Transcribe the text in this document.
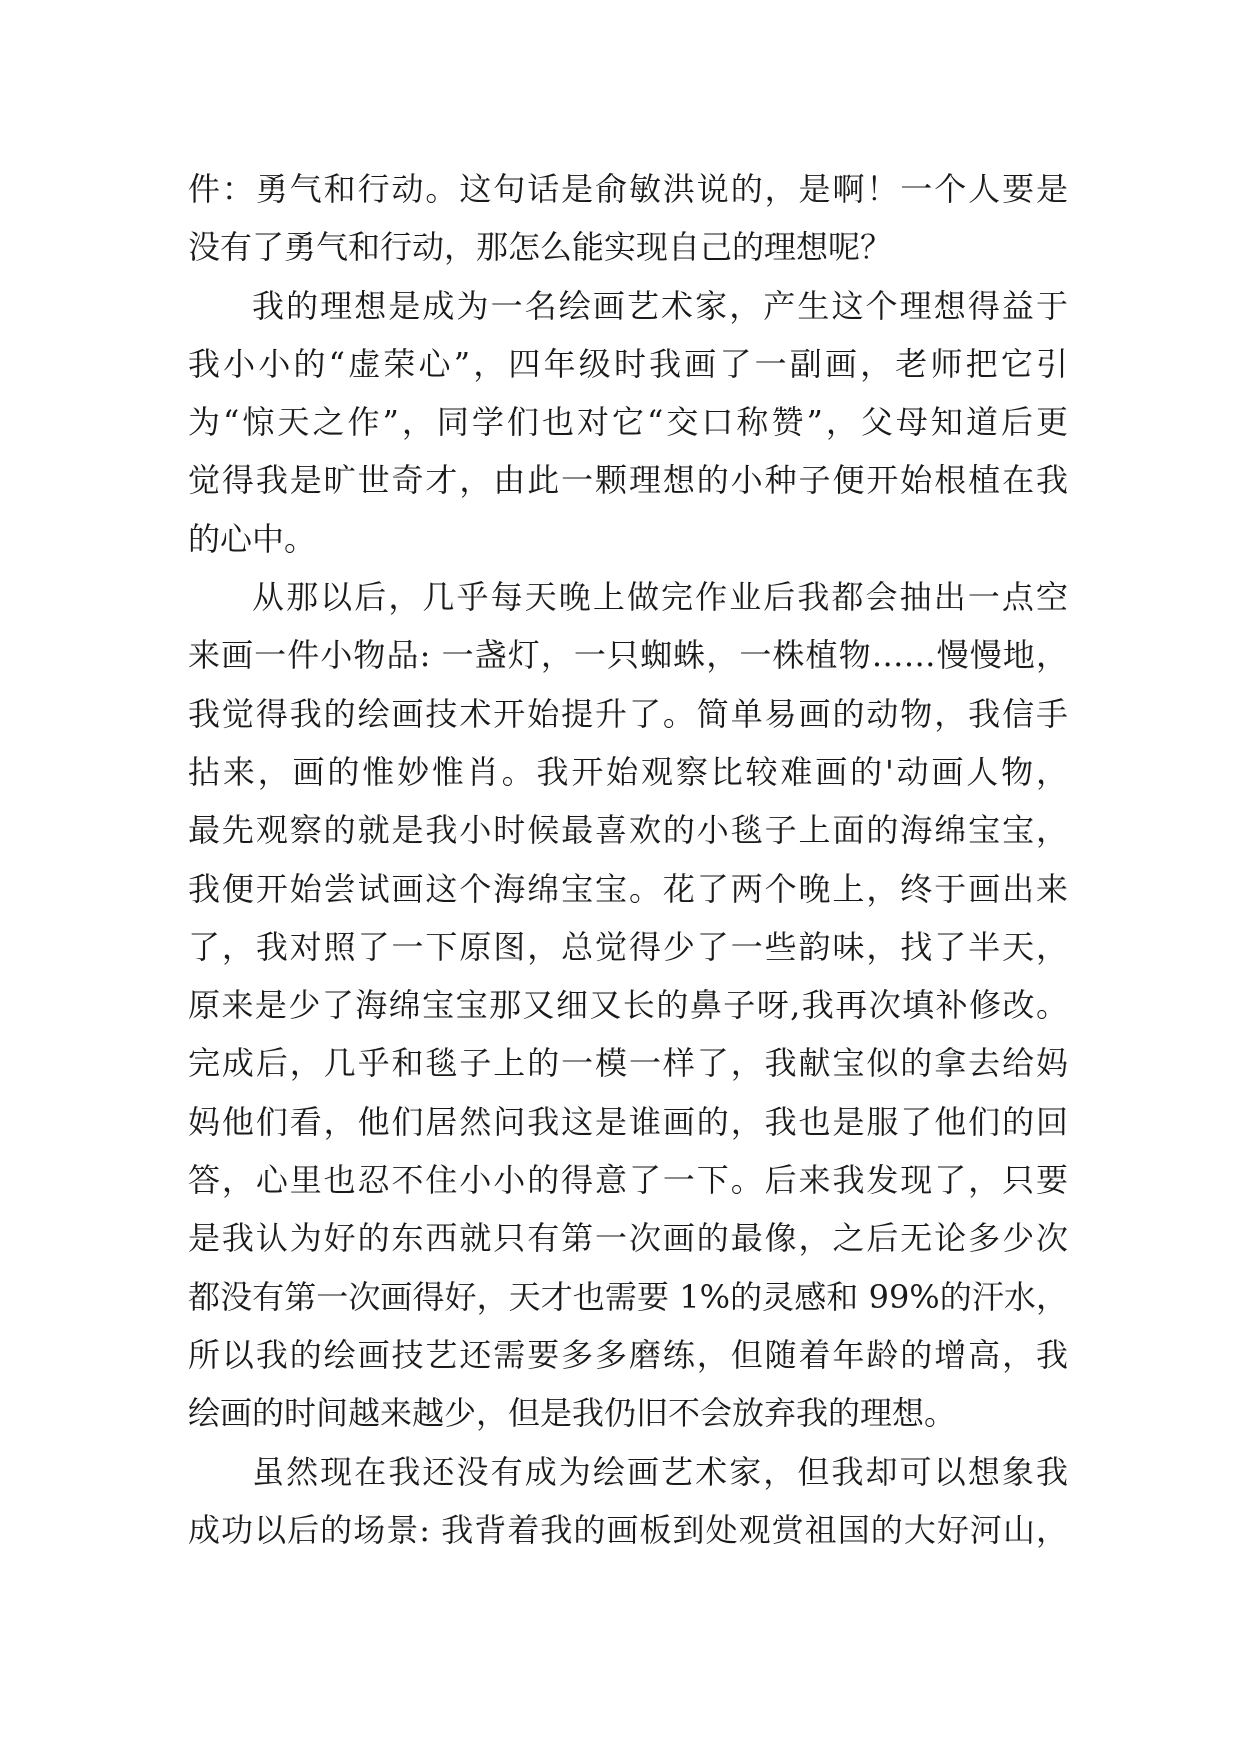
件：勇气和行动。这句话是俞敏洪说的，是啊！一个人要是
没有了勇气和行动，那怎么能实现自己的理想呢？
我的理想是成为一名绘画艺术家，产生这个理想得益于
我小小的“虚荣心”，四年级时我画了一副画，老师把它引
为“惊天之作”，同学们也对它“交口称赞”，父母知道后更
觉得我是旷世奇才，由此一颗理想的小种子便开始根植在我
的心中。
从那以后，几乎每天晚上做完作业后我都会抽出一点空
来画一件小物品: 一盏灯，一只蜘蛛，一株植物……慢慢地，
我觉得我的绘画技术开始提升了。简单易画的动物，我信手
拈来，画的惟妙惟肖。我开始观察比较难画的'动画人物，
最先观察的就是我小时候最喜欢的小毯子上面的海绵宝宝，
我便开始尝试画这个海绵宝宝。花了两个晚上，终于画出来
了，我对照了一下原图，总觉得少了一些韵味，找了半天，
原来是少了海绵宝宝那又细又长的鼻子呀,我再次填补修改。
完成后，几乎和毯子上的一模一样了，我献宝似的拿去给妈
妈他们看，他们居然问我这是谁画的，我也是服了他们的回
答，心里也忍不住小小的得意了一下。后来我发现了，只要
是我认为好的东西就只有第一次画的最像，之后无论多少次
都没有第一次画得好，天才也需要 1%的灵感和 99%的汗水，
所以我的绘画技艺还需要多多磨练，但随着年龄的增高，我
绘画的时间越来越少，但是我仍旧不会放弃我的理想。
虽然现在我还没有成为绘画艺术家，但我却可以想象我
成功以后的场景: 我背着我的画板到处观赏祖国的大好河山，
